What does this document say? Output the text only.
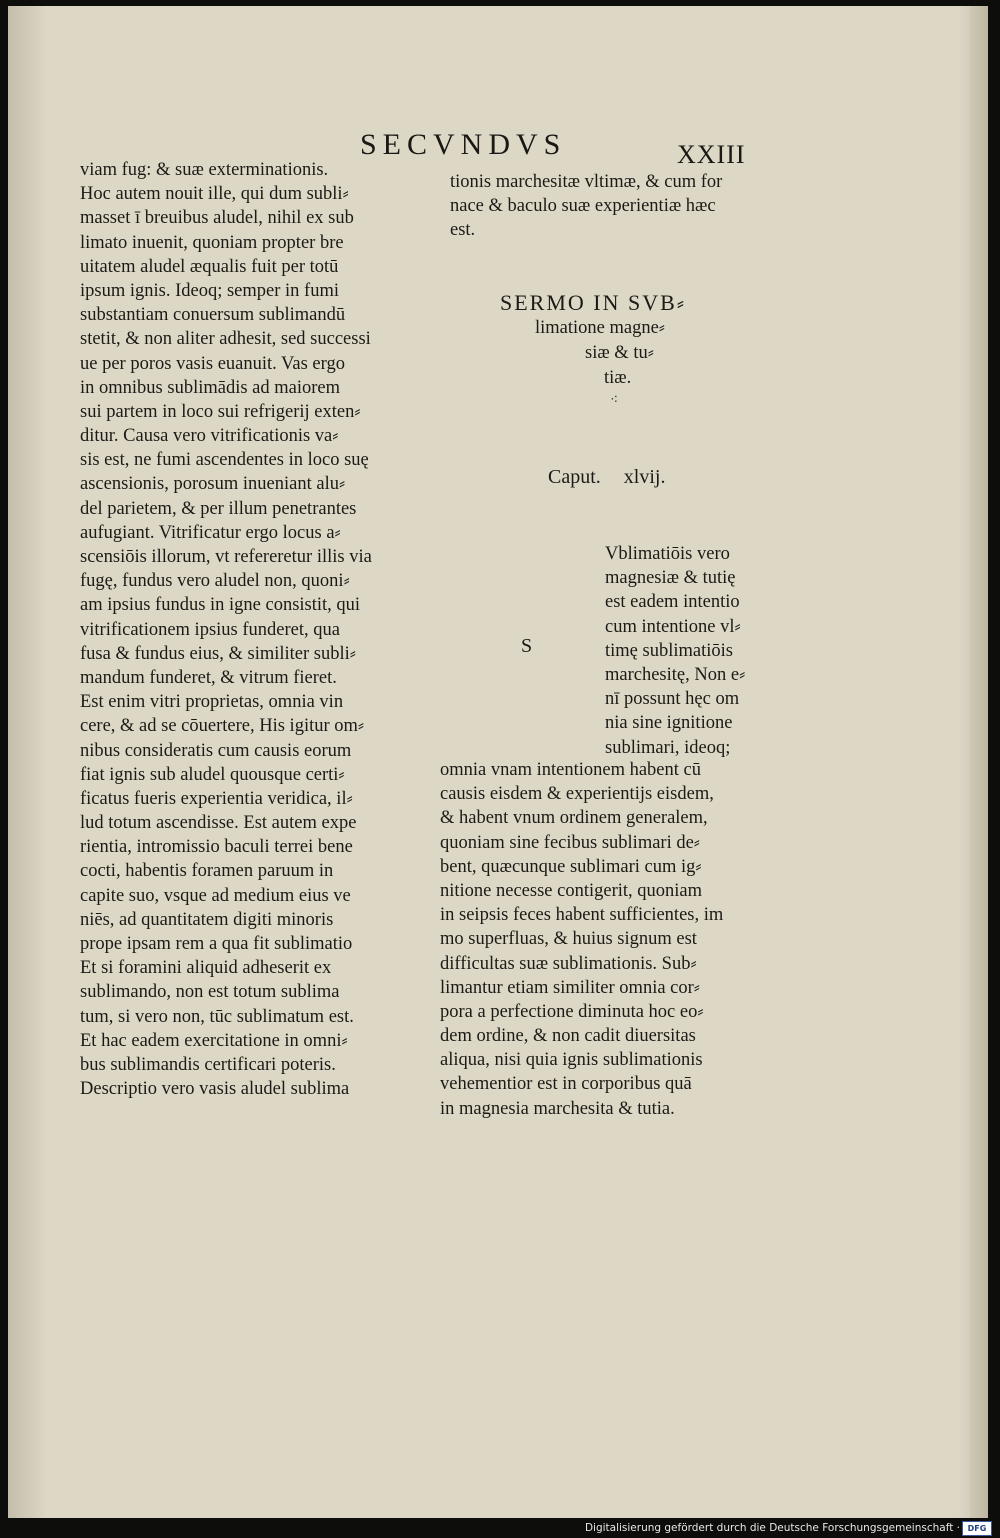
SECVNDVS	XXIII
viam fug: & suæ exterminationis.
Hoc autem nouit ille, qui dum subli⸗
masset ī breuibus aludel, nihil ex sub
limato inuenit, quoniam propter bre
uitatem aludel æqualis fuit per totū
ipsum ignis. Ideoq; semper in fumi
substantiam conuersum sublimandū
stetit, & non aliter adhesit, sed successi
ue per poros vasis euanuit. Vas ergo
in omnibus sublimādis ad maiorem
sui partem in loco sui refrigerij exten⸗
ditur. Causa vero vitrificationis va⸗
sis est, ne fumi ascendentes in loco suę
ascensionis, porosum inueniant alu⸗
del parietem, & per illum penetrantes
aufugiant. Vitrificatur ergo locus a⸗
scensiōis illorum, vt refereretur illis via
fugę, fundus vero aludel non, quoni⸗
am ipsius fundus in igne consistit, qui
vitrificationem ipsius funderet, qua
fusa & fundus eius, & similiter subli⸗
mandum funderet, & vitrum fieret.
Est enim vitri proprietas, omnia vin
cere, & ad se cōuertere, His igitur om⸗
nibus consideratis cum causis eorum
fiat ignis sub aludel quousque certi⸗
ficatus fueris experientia veridica, il⸗
lud totum ascendisse. Est autem expe
rientia, intromissio baculi terrei bene
cocti, habentis foramen paruum in
capite suo, vsque ad medium eius ve
niēs, ad quantitatem digiti minoris
prope ipsam rem a qua fit sublimatio
Et si foramini aliquid adheserit ex
sublimando, non est totum sublima
tum, si vero non, tūc sublimatum est.
Et hac eadem exercitatione in omni⸗
bus sublimandis certificari poteris.
Descriptio vero vasis aludel sublima
tionis marchesitæ vltimæ, & cum for
nace & baculo suæ experientiæ hæc
est.
SERMO IN SVB⸗
limatione magne⸗
siæ & tu⸗
tiæ.
⁖
Caput. xlvij.
S
Vblimatiōis vero
magnesiæ & tutię
est eadem intentio
cum intentione vl⸗
timę sublimatiōis
marchesitę, Non e⸗
nī possunt hęc om
nia sine ignitione
sublimari, ideoq;
omnia vnam intentionem habent cū
causis eisdem & experientijs eisdem,
& habent vnum ordinem generalem,
quoniam sine fecibus sublimari de⸗
bent, quæcunque sublimari cum ig⸗
nitione necesse contigerit, quoniam
in seipsis feces habent sufficientes, im
mo superfluas, & huius signum est
difficultas suæ sublimationis. Sub⸗
limantur etiam similiter omnia cor⸗
pora a perfectione diminuta hoc eo⸗
dem ordine, & non cadit diuersitas
aliqua, nisi quia ignis sublimationis
vehementior est in corporibus quā
in magnesia marchesita & tutia.
Digitalisierung gefördert durch die Deutsche Forschungsgemeinschaft · DFG
